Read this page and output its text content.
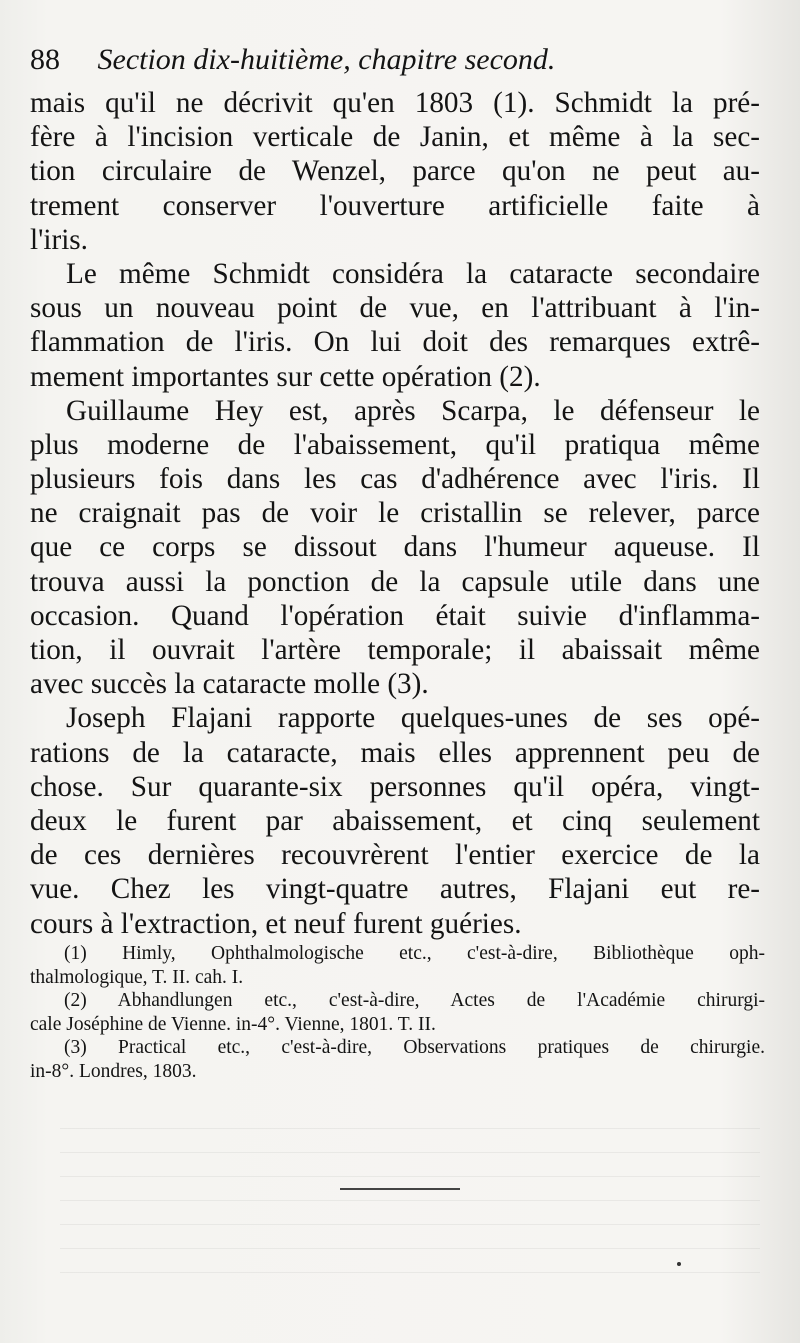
88 Section dix-huitième, chapitre second.
mais qu'il ne décrivit qu'en 1803 (1). Schmidt la pré-
fère à l'incision verticale de Janin, et même à la sec-
tion circulaire de Wenzel, parce qu'on ne peut au-
trement conserver l'ouverture artificielle faite à
l'iris.
Le même Schmidt considéra la cataracte secondaire
sous un nouveau point de vue, en l'attribuant à l'in-
flammation de l'iris. On lui doit des remarques extrê-
mement importantes sur cette opération (2).
Guillaume Hey est, après Scarpa, le défenseur le
plus moderne de l'abaissement, qu'il pratiqua même
plusieurs fois dans les cas d'adhérence avec l'iris. Il
ne craignait pas de voir le cristallin se relever, parce
que ce corps se dissout dans l'humeur aqueuse. Il
trouva aussi la ponction de la capsule utile dans une
occasion. Quand l'opération était suivie d'inflamma-
tion, il ouvrait l'artère temporale; il abaissait même
avec succès la cataracte molle (3).
Joseph Flajani rapporte quelques-unes de ses opé-
rations de la cataracte, mais elles apprennent peu de
chose. Sur quarante-six personnes qu'il opéra, vingt-
deux le furent par abaissement, et cinq seulement
de ces dernières recouvrèrent l'entier exercice de la
vue. Chez les vingt-quatre autres, Flajani eut re-
cours à l'extraction, et neuf furent guéries.
(1) Himly, Ophthalmologische etc., c'est-à-dire, Bibliothèque oph-
thalmologique, T. II. cah. I.
(2) Abhandlungen etc., c'est-à-dire, Actes de l'Académie chirurgi-
cale Joséphine de Vienne. in-4°. Vienne, 1801. T. II.
(3) Practical etc., c'est-à-dire, Observations pratiques de chirurgie.
in-8°. Londres, 1803.
